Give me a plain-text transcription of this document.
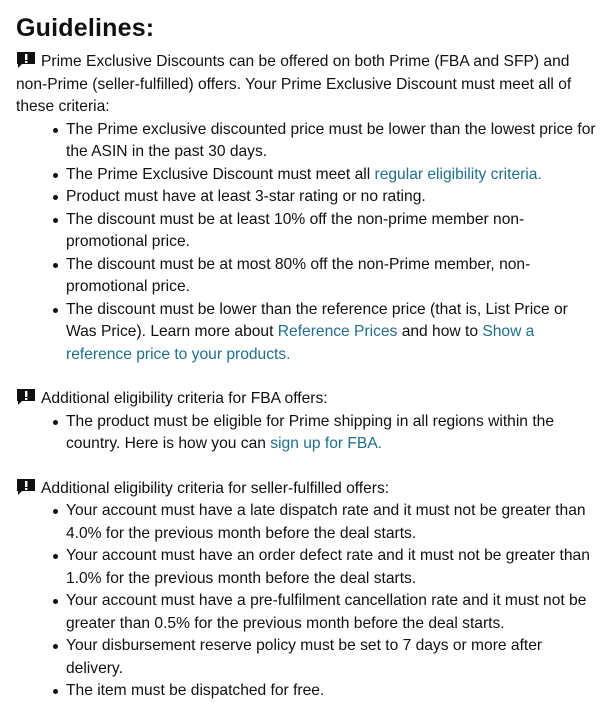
Guidelines:

Prime Exclusive Discounts can be offered on both Prime (FBA and SFP) and non-Prime (seller-fulfilled) offers. Your Prime Exclusive Discount must meet all of these criteria:

The Prime exclusive discounted price must be lower than the lowest price for the ASIN in the past 30 days.
The Prime Exclusive Discount must meet all regular eligibility criteria.
Product must have at least 3-star rating or no rating.
The discount must be at least 10% off the non-prime member non-promotional price.
The discount must be at most 80% off the non-Prime member, non-promotional price.
The discount must be lower than the reference price (that is, List Price or Was Price). Learn more about Reference Prices and how to Show a reference price to your products.

Additional eligibility criteria for FBA offers:

The product must be eligible for Prime shipping in all regions within the country. Here is how you can sign up for FBA.

Additional eligibility criteria for seller-fulfilled offers:

Your account must have a late dispatch rate and it must not be greater than 4.0% for the previous month before the deal starts.
Your account must have an order defect rate and it must not be greater than 1.0% for the previous month before the deal starts.
Your account must have a pre-fulfilment cancellation rate and it must not be greater than 0.5% for the previous month before the deal starts.
Your disbursement reserve policy must be set to 7 days or more after delivery.
The item must be dispatched for free.
